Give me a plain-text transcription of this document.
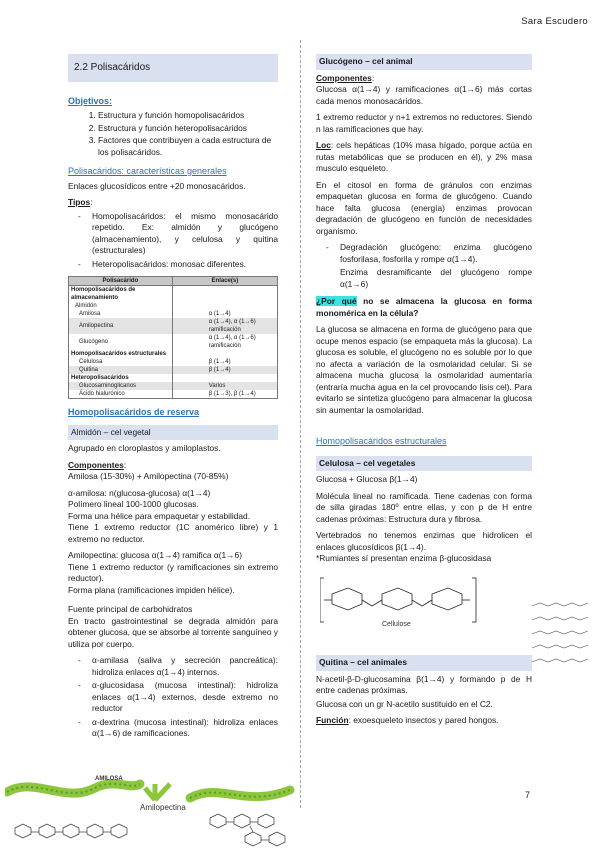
Sara Escudero
2.2 Polisacáridos
Objetivos:
1. Estructura y función homopolisacáridos
2. Estructura y función heteropolisacáridos
3. Factores que contribuyen a cada estructura de los polisacáridos.
Polisacáridos: características generales

Enlaces glucosídicos entre +20 monosacáridos.

Tipos:

- Homopolisacáridos: el mismo monosacárido repetido. Ex: almidón y glucógeno (almacenamiento), y celulosa y quitina (estructurales)
- Heteropolisacáridos: monosac diferentes.
Polisacárido	Enlace(s)
Homopolisacáridos de almacenamiento	
Almidón	
Amilosa	α (1→4)
Amilopectina	α (1→4), α (1→6) ramificación
Glucógeno	α (1→4), α (1→6) ramificación
Homopolisacáridos estructurales	
Celulosa	β (1→4)
Quitina	β (1→4)
Heteropolisacáridos	
Glucosaminoglicanos	Varios
Ácido hialurónico	β (1→3), β (1→4)
Homopolisacáridos de reserva
Almidón – cel vegetal

Agrupado en cloroplastos y amiloplastos.

Componentes:

Amilosa (15-30%) + Amilopectina (70-85%)

α-amilosa: n(glucosa-glucosa) α(1→4)

Polímero lineal 100-1000 glucosas.

Forma una hélice para empaquetar y estabilidad.

Tiene 1 extremo reductor (1C anomérico libre) y 1 extremo no reductor.

Amilopectina: glucosa α(1→4) ramifica α(1→6)

Tiene 1 extremo reductor (y ramificaciones sin extremo reductor).

Forma plana (ramificaciones impiden hélice).

Fuente principal de carbohidratos

En tracto gastrointestinal se degrada almidón para obtener glucosa, que se absorbe al torrente sanguíneo y utiliza por cuerpo.

- α-amilasa (saliva y secreción pancreática): hidroliza enlaces α(1→4) internos.
- α-glucosidasa (mucosa intestinal): hidroliza enlaces α(1→4) externos, desde extremo no reductor
- α-dextrina (mucosa intestinal): hidroliza enlaces α(1→6) de ramificaciones.
AMILOSA
Amilopectina
Glucógeno – cel animal

Componentes:

Glucosa α(1→4) y ramificaciones α(1→6) más cortas cada menos monosacáridos.

1 extremo reductor y n+1 extremos no reductores. Siendo n las ramificaciones que hay.

Loc: cels hepáticas (10% masa hígado, porque actúa en rutas metabólicas que se producen en él), y 2% masa musculo esqueleto.

En el citosol en forma de gránulos con enzimas empaquetan glucosa en forma de glucógeno. Cuando hace falta glucosa (energía) enzimas provocan degradación de glucógeno en función de necesidades organismo.

- Degradación glucógeno: enzima glucógeno fosforilasa, fosforila y rompe α(1→4).
Enzima desramificante del glucógeno rompe α(1→6)

¿Por qué no se almacena la glucosa en forma monomérica en la célula?

La glucosa se almacena en forma de glucógeno para que ocupe menos espacio (se empaqueta más la glucosa). La glucosa es soluble, el glucógeno no es soluble por lo que no afecta a variación de la osmolaridad celular. Si se almacena mucha glucosa la osmolaridad aumentaría (entraría mucha agua en la cel provocando lisis cel). Para evitarlo se sintetiza glucógeno para almacenar la glucosa sin aumentar la osmolaridad.

Homopolisacáridos estructurales
Celulosa – cel vegetales

Glucosa + Glucosa β(1→4)

Molécula lineal no ramificada. Tiene cadenas con forma de silla giradas 180º entre ellas, y con p de H entre cadenas próximas: Estructura dura y fibrosa.

Vertebrados no tenemos enzimas que hidrolicen el enlaces glucosídicos β(1→4).

*Rumiantes sí presentan enzima β-glucosidasa

Cellulose
Quitina – cel animales

N-acetil-β-D-glucosamina β(1→4) y formando p de H entre cadenas próximas.

Glucosa con un gr N-acetilo sustituido en el C2.

Función: exoesqueleto insectos y pared hongos.

7
